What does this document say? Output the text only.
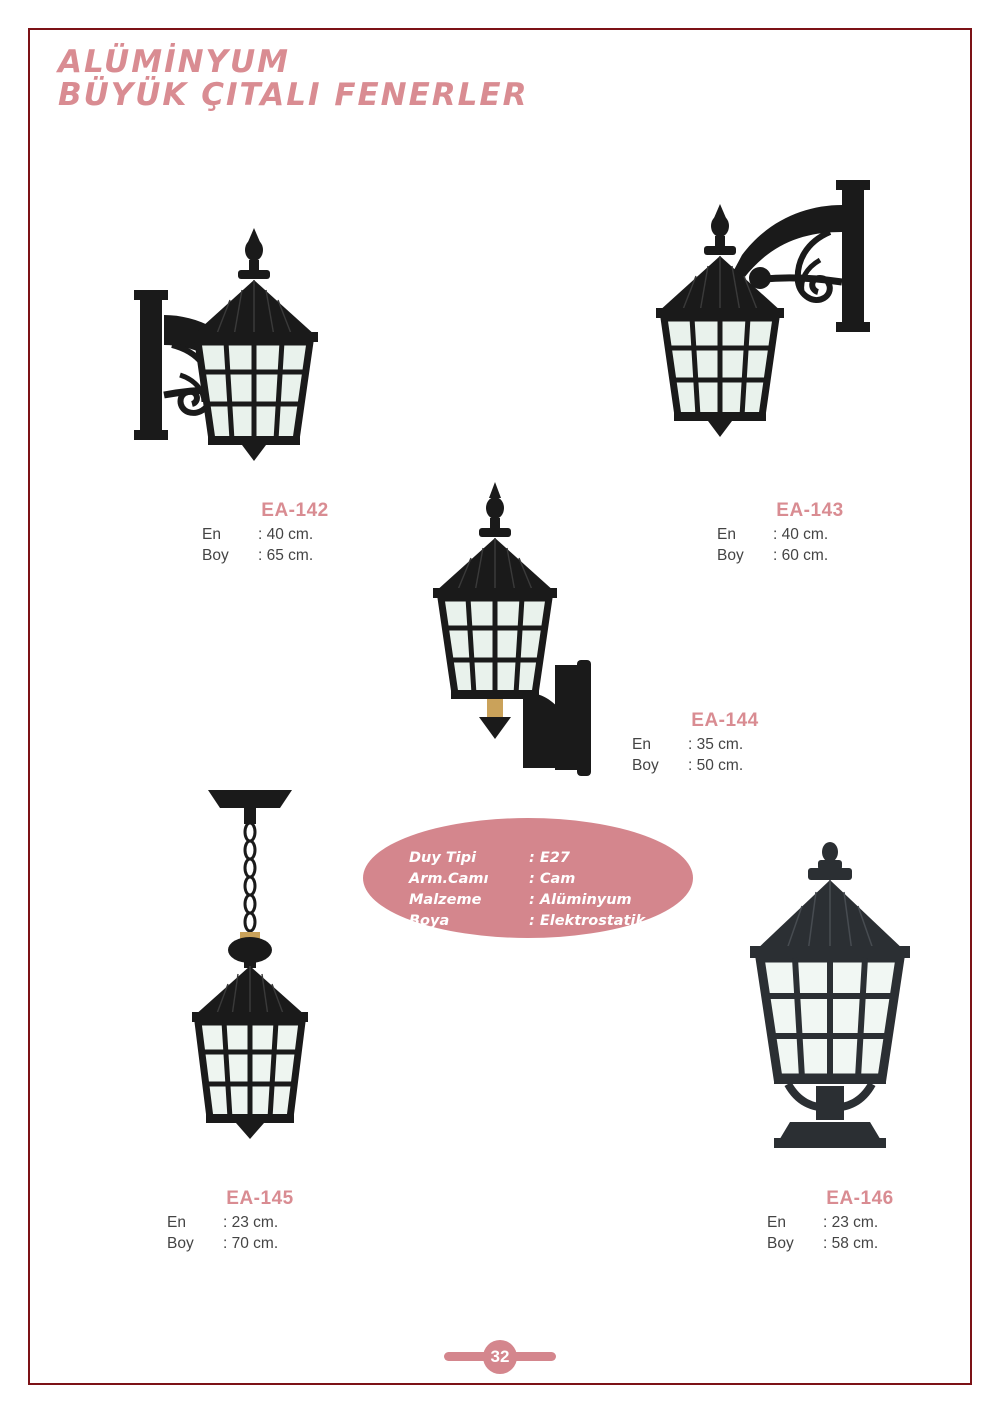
ALÜMİNYUM
BÜYÜK ÇITALI FENERLER
EA-142
En : 40 cm.
Boy : 65 cm.
EA-143
En : 40 cm.
Boy : 60 cm.
EA-144
En : 35 cm.
Boy : 50 cm.
Duy Tipi	: E27
Arm.Camı	: Cam
Malzeme	: Alüminyum
Boya	: Elektrostatik
EA-145
En : 23 cm.
Boy : 70 cm.
EA-146
En : 23 cm.
Boy : 58 cm.
32
